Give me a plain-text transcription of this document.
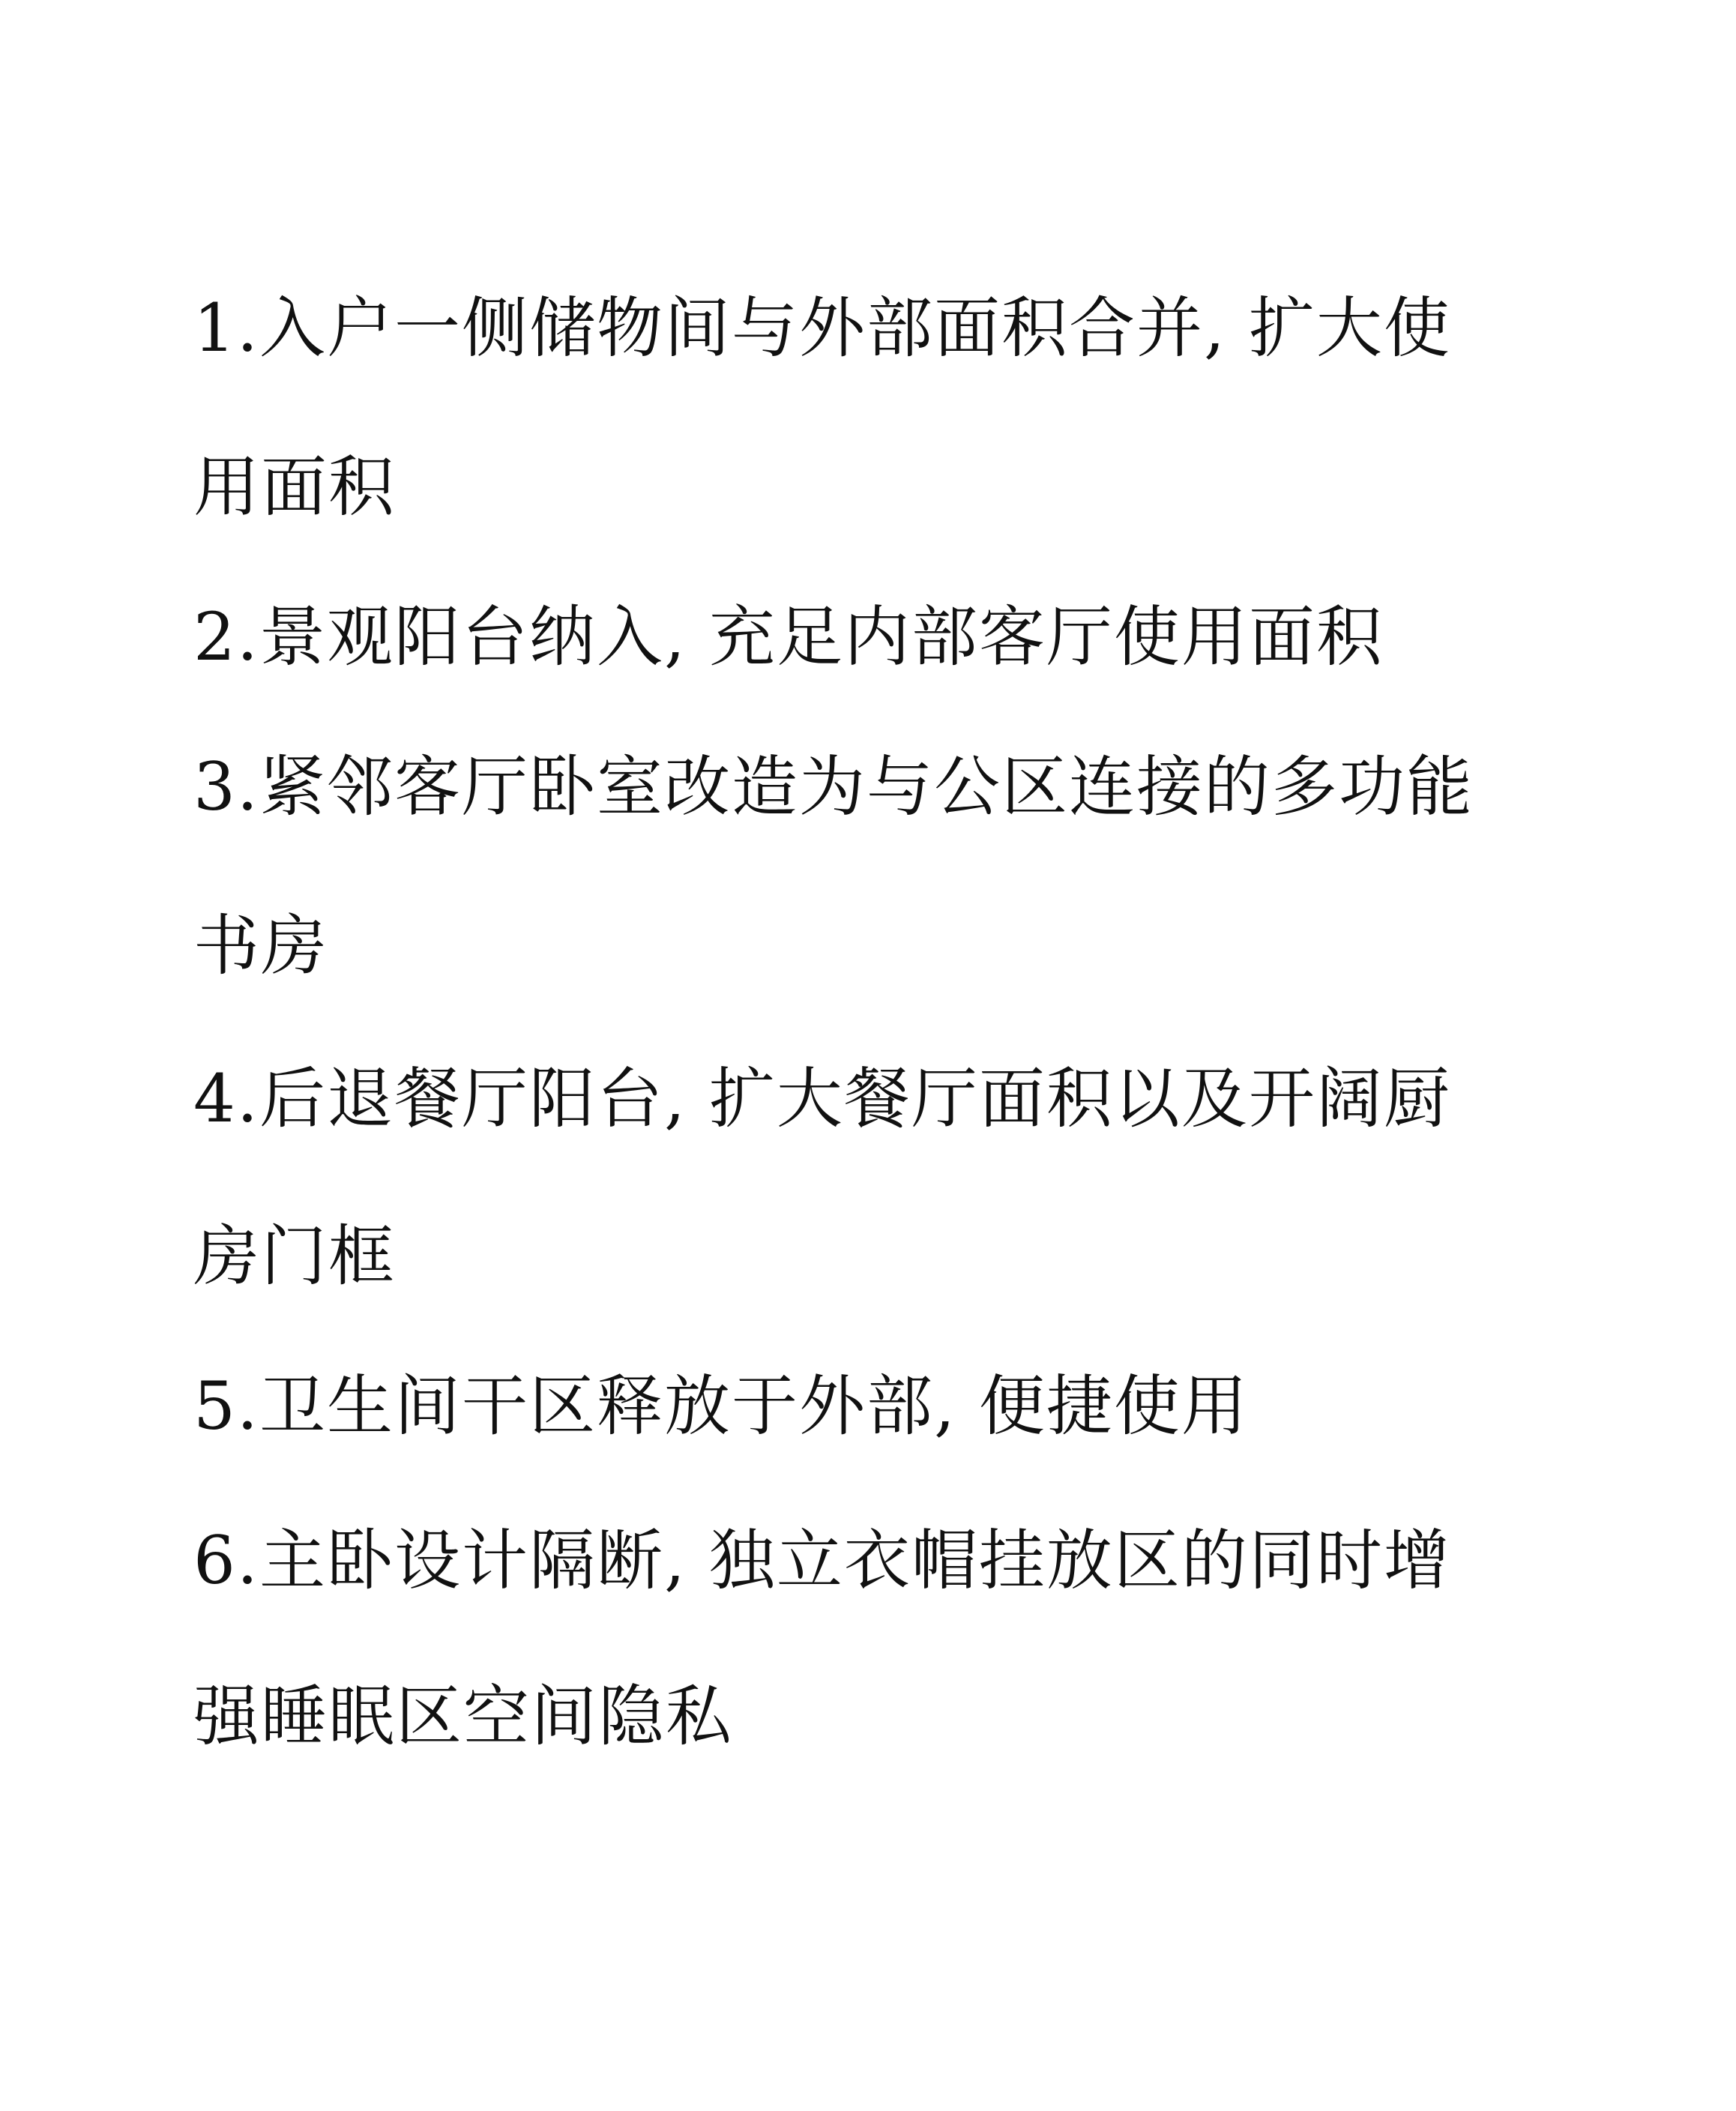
1.入户一侧储物间与外部面积合并, 扩大使
用面积
2.景观阳台纳入, 充足内部客厅使用面积
3.紧邻客厅卧室改造为与公区连接的多功能
书房
4.后退餐厅阳台, 扩大餐厅面积以及开阔厨
房门框
5.卫生间干区释放于外部, 便捷使用
6.主卧设计隔断, 独立衣帽挂放区的同时增
强睡眠区空间隐私
